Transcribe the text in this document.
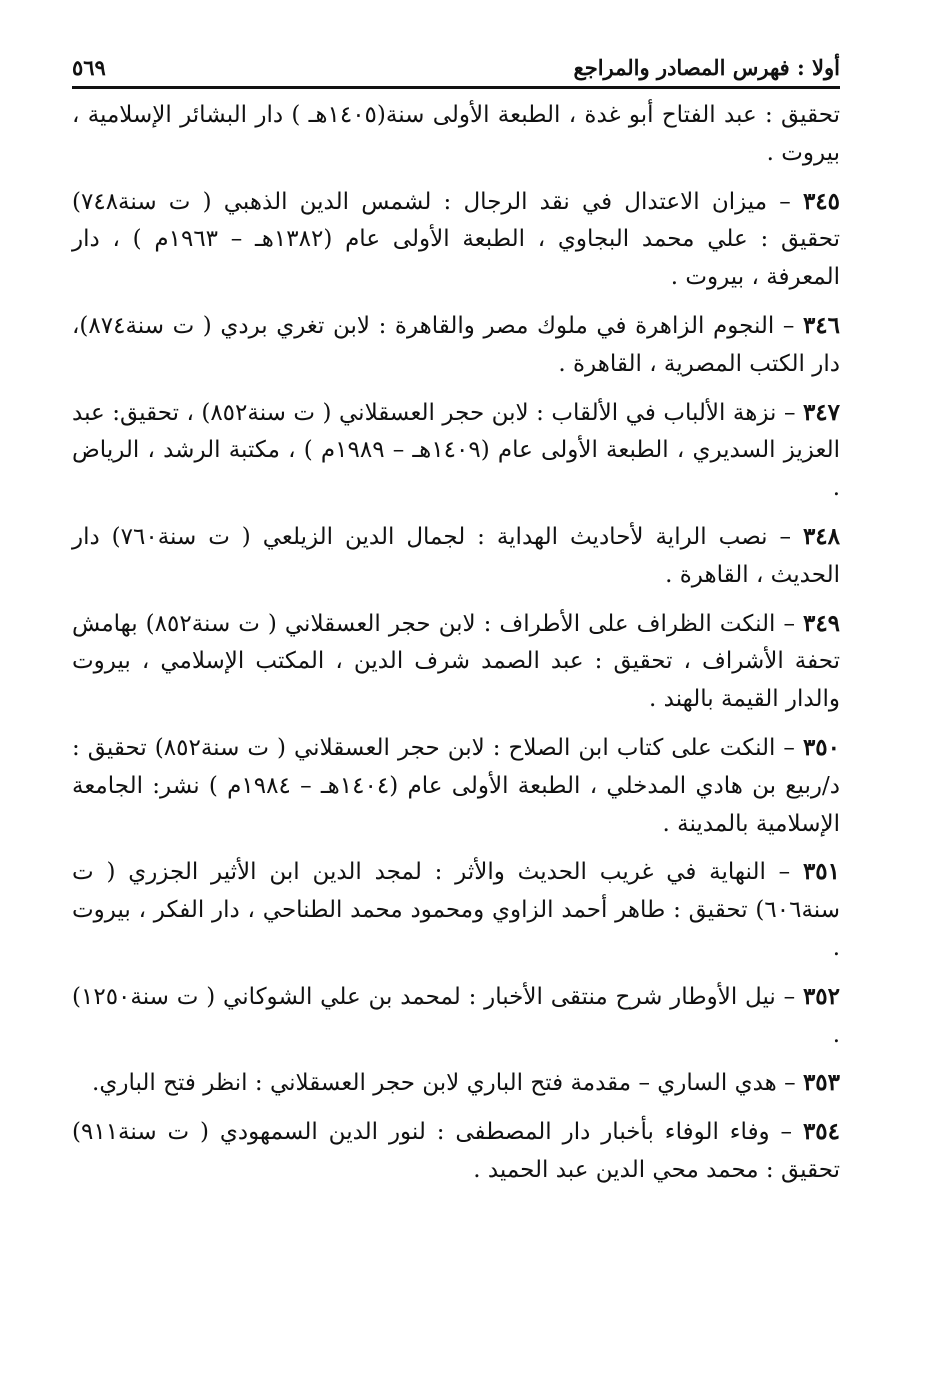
أولا : فهرس المصادر والمراجع
٥٦٩

تحقيق : عبد الفتاح أبو غدة ، الطبعة الأولى سنة(١٤٠٥هـ ) دار البشائر الإسلامية ، بيروت .

٣٤٥ – ميزان الاعتدال في نقد الرجال : لشمس الدين الذهبي ( ت سنة٧٤٨) تحقيق : علي محمد البجاوي ، الطبعة الأولى عام (١٣٨٢هـ – ١٩٦٣م ) ، دار المعرفة ، بيروت .

٣٤٦ – النجوم الزاهرة في ملوك مصر والقاهرة : لابن تغري بردي ( ت سنة٨٧٤)، دار الكتب المصرية ، القاهرة .

٣٤٧ – نزهة الألباب في الألقاب : لابن حجر العسقلاني ( ت سنة٨٥٢) ، تحقيق: عبد العزيز السديري ، الطبعة الأولى عام (١٤٠٩هـ – ١٩٨٩م ) ، مكتبة الرشد ، الرياض .

٣٤٨ – نصب الراية لأحاديث الهداية : لجمال الدين الزيلعي ( ت سنة٧٦٠) دار الحديث ، القاهرة .

٣٤٩ – النكت الظراف على الأطراف : لابن حجر العسقلاني ( ت سنة٨٥٢) بهامش تحفة الأشراف ، تحقيق : عبد الصمد شرف الدين ، المكتب الإسلامي ، بيروت والدار القيمة بالهند .

٣٥٠ – النكت على كتاب ابن الصلاح : لابن حجر العسقلاني ( ت سنة٨٥٢) تحقيق : د/ربيع بن هادي المدخلي ، الطبعة الأولى عام (١٤٠٤هـ – ١٩٨٤م ) نشر: الجامعة الإسلامية بالمدينة .

٣٥١ – النهاية في غريب الحديث والأثر : لمجد الدين ابن الأثير الجزري ( ت سنة٦٠٦) تحقيق : طاهر أحمد الزاوي ومحمود محمد الطناحي ، دار الفكر ، بيروت .

٣٥٢ – نيل الأوطار شرح منتقى الأخبار : لمحمد بن علي الشوكاني ( ت سنة١٢٥٠) .

٣٥٣ – هدي الساري – مقدمة فتح الباري لابن حجر العسقلاني : انظر فتح الباري.

٣٥٤ – وفاء الوفاء بأخبار دار المصطفى : لنور الدين السمهودي ( ت سنة٩١١) تحقيق : محمد محي الدين عبد الحميد .
